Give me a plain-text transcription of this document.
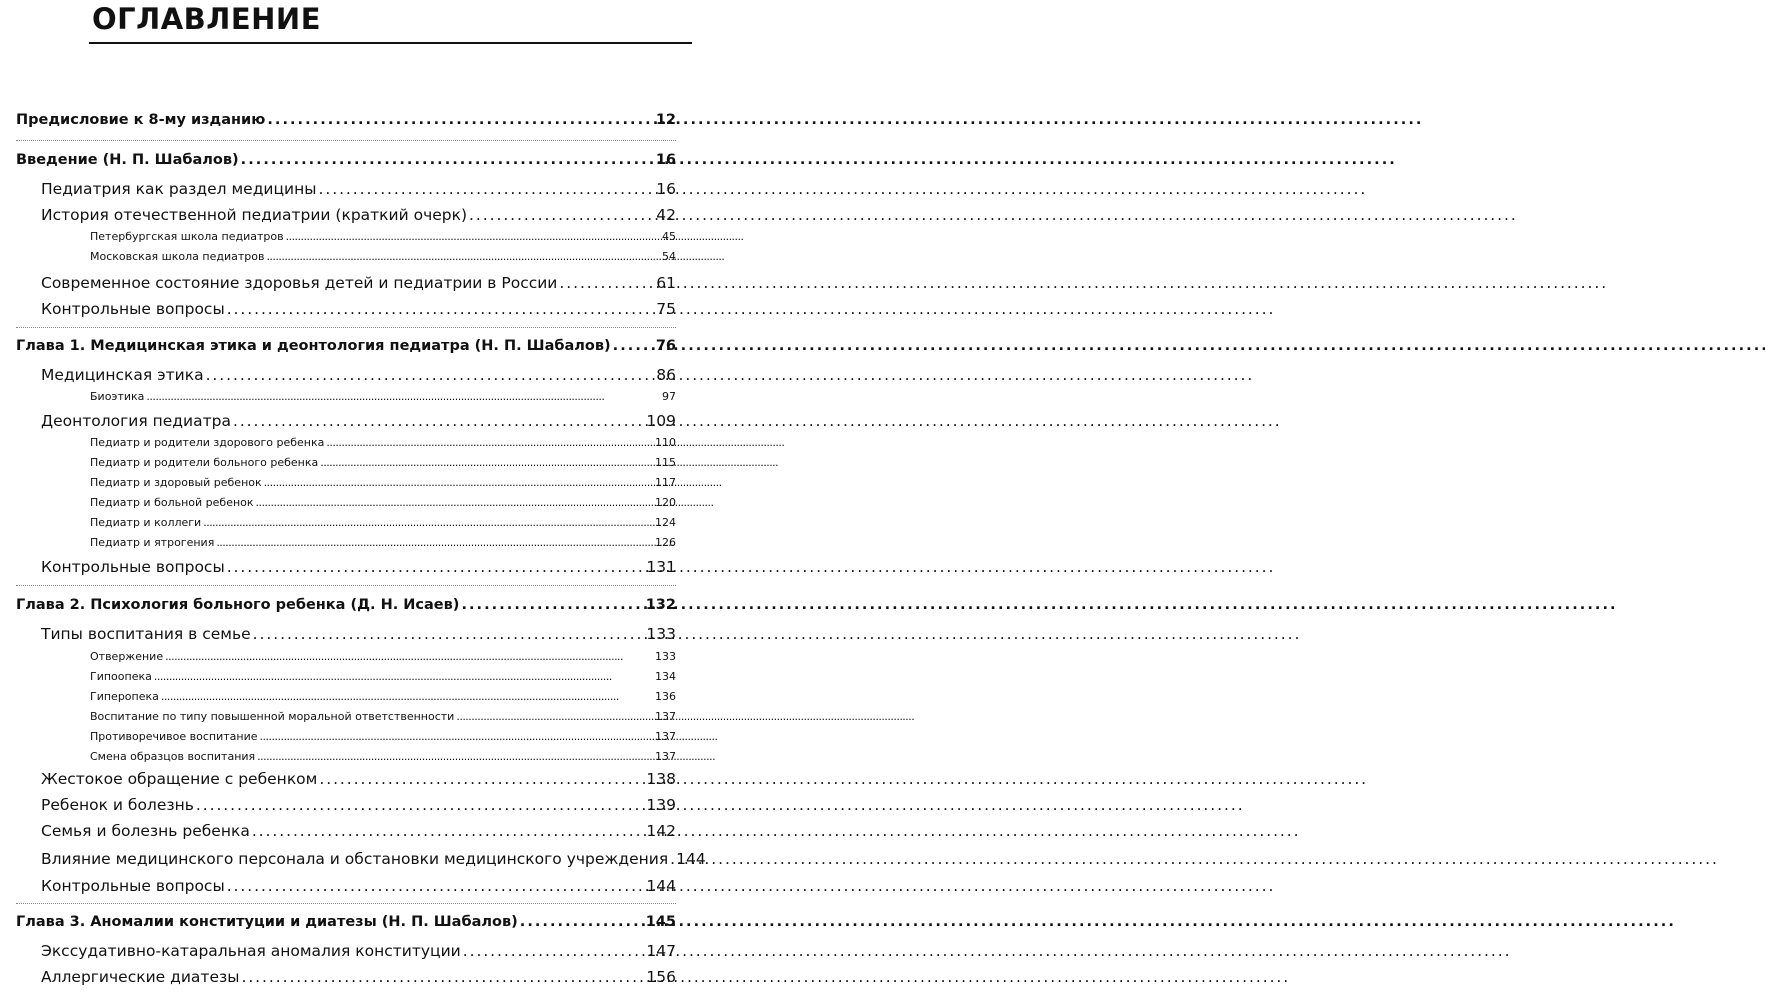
ОГЛАВЛЕНИЕ
Предисловие к 8-му изданию . . .	12
Введение (Н. П. Шабалов) . . .	16
Педиатрия как раздел медицины . . .	16
История отечественной педиатрии (краткий очерк) . . .	42
Петербургская школа педиатров . . .	45
Московская школа педиатров . . .	54
Современное состояние здоровья детей и педиатрии в России . . .	61
Контрольные вопросы . . .	75
Глава 1. Медицинская этика и деонтология педиатра (Н. П. Шабалов) . . .	76
Медицинская этика . . .	86
Биоэтика . . .	97
Деонтология педиатра . . .	109
Педиатр и родители здорового ребенка . . .	110
Педиатр и родители больного ребенка . . .	115
Педиатр и здоровый ребенок . . .	117
Педиатр и больной ребенок . . .	120
Педиатр и коллеги . . .	124
Педиатр и ятрогения . . .	126
Контрольные вопросы . . .	131
Глава 2. Психология больного ребенка (Д. Н. Исаев) . . .	132
Типы воспитания в семье . . .	133
Отвержение . . .	133
Гипоопека . . .	134
Гиперопека . . .	136
Воспитание по типу повышенной моральной ответственности . . .	137
Противоречивое воспитание . . .	137
Смена образцов воспитания . . .	137
Жестокое обращение с ребенком . . .	138
Ребенок и болезнь . . .	139
Семья и болезнь ребенка . . .	142
Влияние медицинского персонала и обстановки медицинского учреждения . . . 144
Контрольные вопросы . . .	144
Глава 3. Аномалии конституции и диатезы (Н. П. Шабалов) . . .	145
Экссудативно-катаральная аномалия конституции . . .	147
Аллергические диатезы . . .	156
